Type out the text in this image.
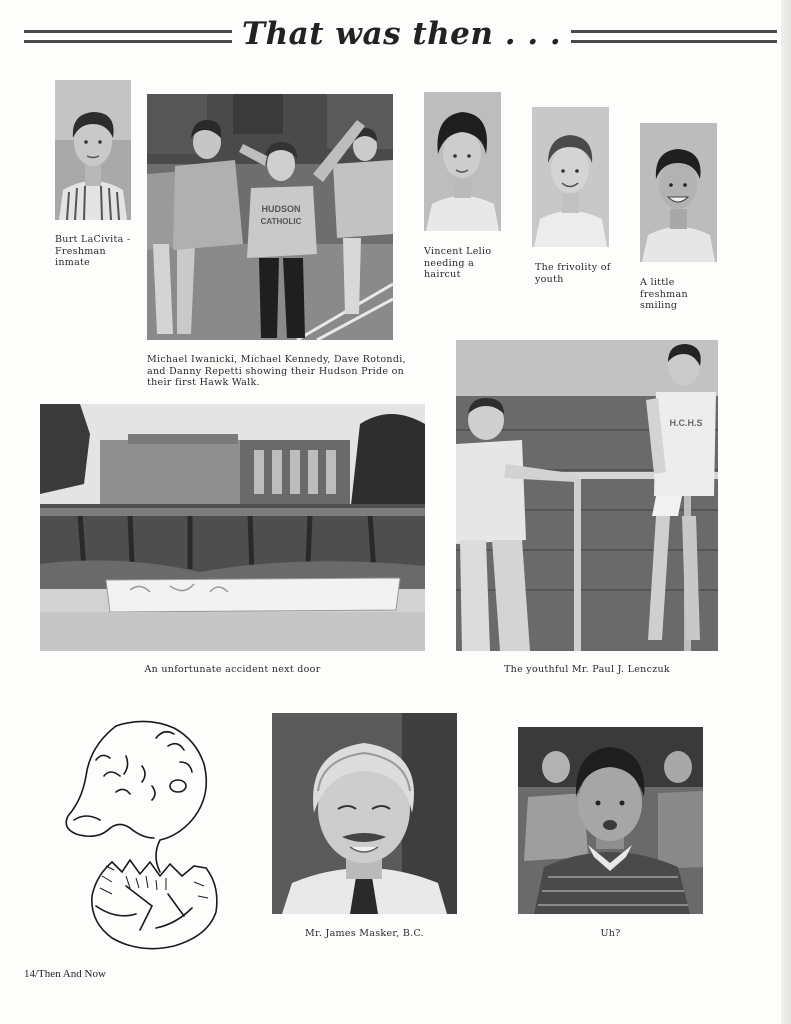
That was then . . .
Burt LaCivita - Freshman inmate
HUDSON
CATHOLIC
Michael Iwanicki, Michael Kennedy, Dave Rotondi, and Danny Repetti showing their Hudson Pride on their first Hawk Walk.
Vincent Lelio needing a haircut
The frivolity of youth	A little freshman smiling
An unfortunate accident next door
H.C.H.S
The youthful Mr. Paul J. Lenczuk
Mr. James Masker, B.C.	Uh?
14/Then And Now
